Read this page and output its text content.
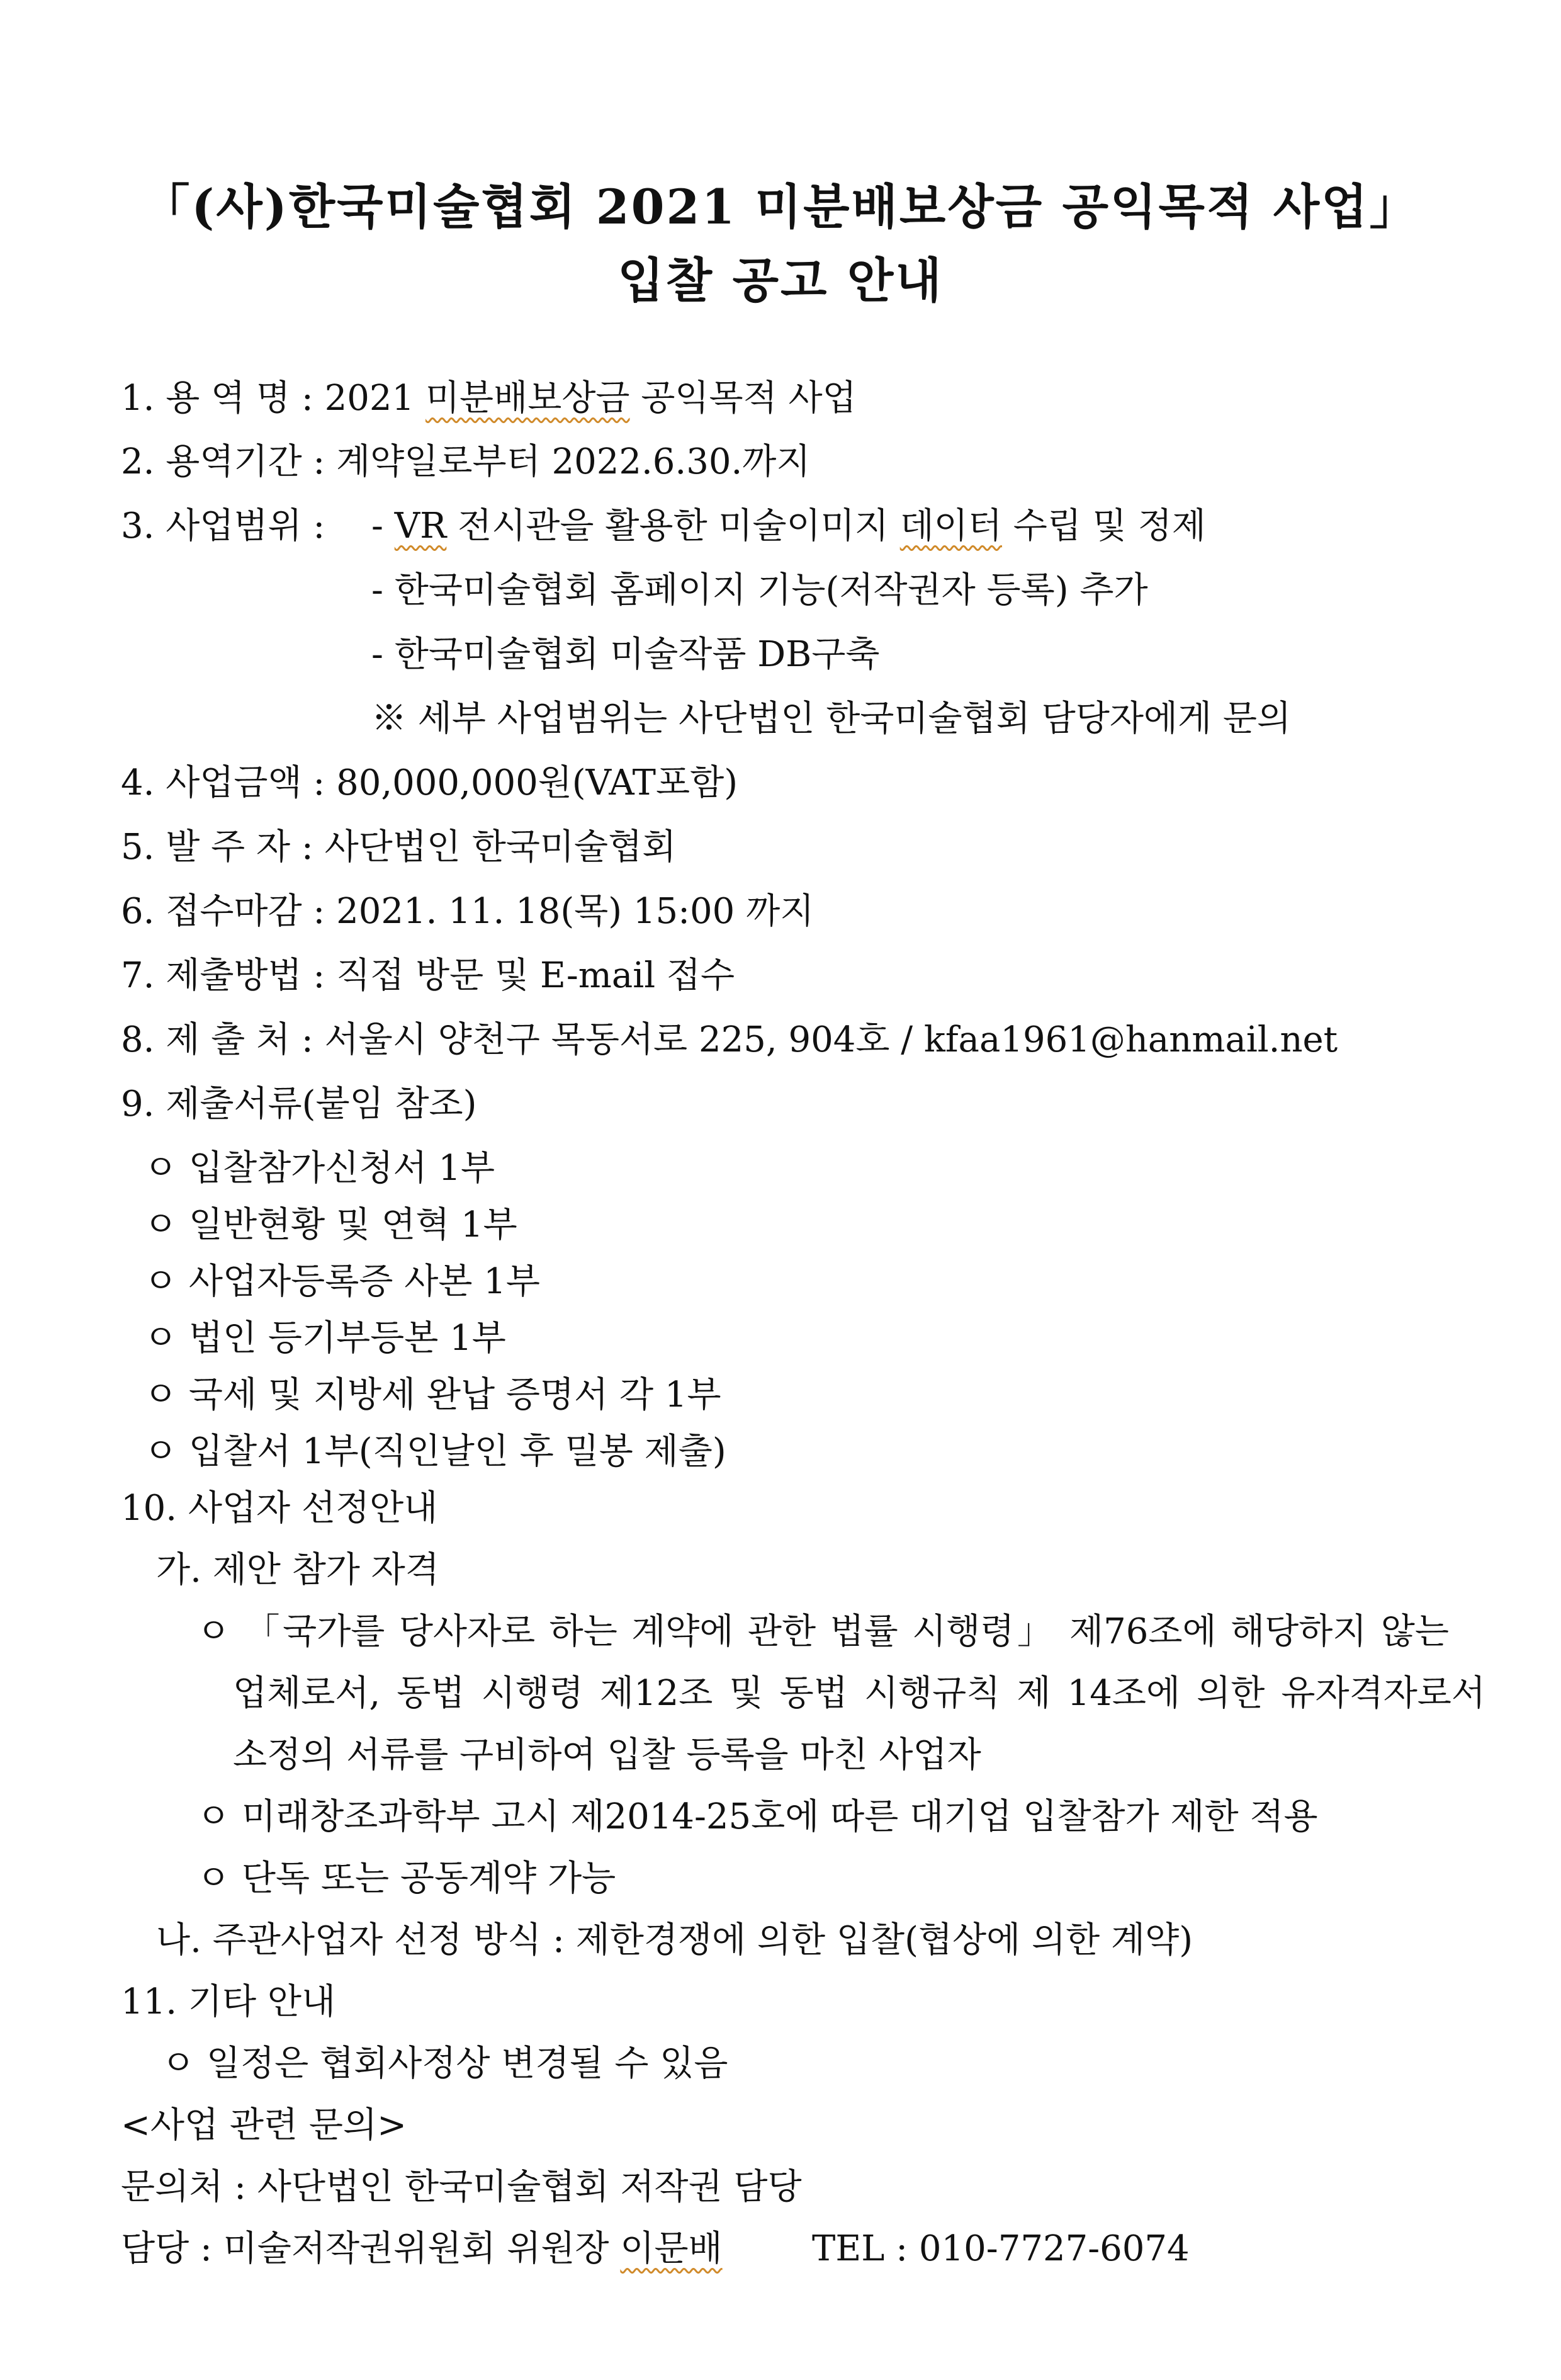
「(사)한국미술협회 2021 미분배보상금 공익목적 사업」
입찰 공고 안내
1. 용 역 명 : 2021 미분배보상금 공익목적 사업
2. 용역기간 : 계약일로부터 2022.6.30.까지
3. 사업범위 : - VR 전시관을 활용한 미술이미지 데이터 수립 및 정제
- 한국미술협회 홈페이지 기능(저작권자 등록) 추가
- 한국미술협회 미술작품 DB구축
※ 세부 사업범위는 사단법인 한국미술협회 담당자에게 문의
4. 사업금액 : 80,000,000원(VAT포함)
5. 발 주 자 : 사단법인 한국미술협회
6. 접수마감 : 2021. 11. 18(목) 15:00 까지
7. 제출방법 : 직접 방문 및 E-mail 접수
8. 제 출 처 : 서울시 양천구 목동서로 225, 904호 / kfaa1961@hanmail.net
9. 제출서류(붙임 참조)
ㅇ 입찰참가신청서 1부
ㅇ 일반현황 및 연혁 1부
ㅇ 사업자등록증 사본 1부
ㅇ 법인 등기부등본 1부
ㅇ 국세 및 지방세 완납 증명서 각 1부
ㅇ 입찰서 1부(직인날인 후 밀봉 제출)
10. 사업자 선정안내
가. 제안 참가 자격
ㅇ 「국가를 당사자로 하는 계약에 관한 법률 시행령」 제76조에 해당하지 않는
업체로서, 동법 시행령 제12조 및 동법 시행규칙 제 14조에 의한 유자격자로서
소정의 서류를 구비하여 입찰 등록을 마친 사업자
ㅇ 미래창조과학부 고시 제2014-25호에 따른 대기업 입찰참가 제한 적용
ㅇ 단독 또는 공동계약 가능
나. 주관사업자 선정 방식 : 제한경쟁에 의한 입찰(협상에 의한 계약)
11. 기타 안내
ㅇ 일정은 협회사정상 변경될 수 있음
<사업 관련 문의>
문의처 : 사단법인 한국미술협회 저작권 담당
담당 : 미술저작권위원회 위원장 이문배	TEL : 010-7727-6074
